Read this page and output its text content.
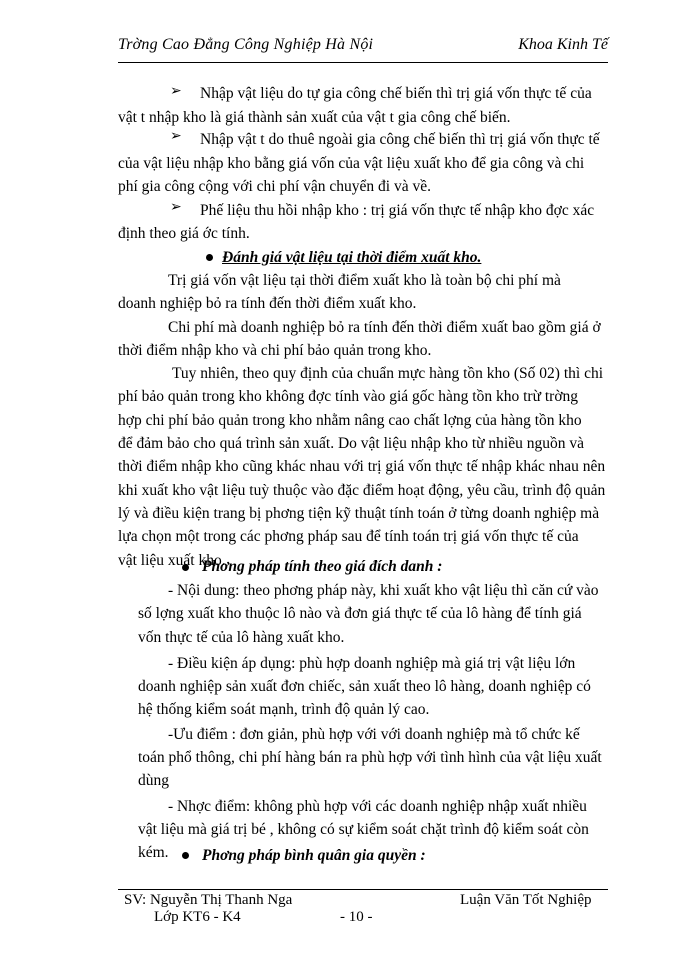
Trờng Cao Đẳng Công Nghiệp Hà Nội	Khoa Kinh Tế
➢
➢
➢
Nhập vật liệu do tự gia công chế biến thì trị giá vốn thực tế của
vật t nhập kho là giá thành sản xuất của vật t gia công chế biến.
Nhập vật t do thuê ngoài gia công chế biến thì trị giá vốn thực tế
của vật liệu nhập kho bằng giá vốn của vật liệu xuất kho để gia công và chi
phí gia công cộng với chi phí vận chuyển đi và về.
Phế liệu thu hồi nhập kho : trị giá vốn thực tế nhập kho đợc xác
định theo giá ớc tính.
Đánh giá vật liệu tại thời điểm xuất kho.
Trị giá vốn vật liệu tại thời điểm xuất kho là toàn bộ chi phí mà
doanh nghiệp bỏ ra tính đến thời điểm xuất kho.
Chi phí mà doanh nghiệp bỏ ra tính đến thời điểm xuất bao gồm giá ở
thời điểm nhập kho và chi phí bảo quản trong kho.
Tuy nhiên, theo quy định của chuẩn mực hàng tồn kho (Số 02) thì chi
phí bảo quản trong kho không đợc tính vào giá gốc hàng tồn kho trừ trờng
hợp chi phí bảo quản trong kho nhằm nâng cao chất lợng của hàng tồn kho
để đảm bảo cho quá trình sản xuất. Do vật liệu nhập kho từ nhiều nguồn và
thời điểm nhập kho cũng khác nhau với trị giá vốn thực tế nhập khác nhau nên
khi xuất kho vật liệu tuỳ thuộc vào đặc điểm hoạt động, yêu cầu, trình độ quản
lý và điều kiện trang bị phơng tiện kỹ thuật tính toán ở từng doanh nghiệp mà
lựa chọn một trong các phơng pháp sau để tính toán trị giá vốn thực tế của
vật liệu xuất kho.
Phơng pháp tính theo giá đích danh :
- Nội dung: theo phơng pháp này, khi xuất kho vật liệu thì căn cứ vào
số lợng xuất kho thuộc lô nào và đơn giá thực tế của lô hàng để tính giá
vốn thực tế của lô hàng xuất kho.
- Điều kiện áp dụng: phù hợp doanh nghiệp mà giá trị vật liệu lớn
doanh nghiệp sản xuất đơn chiếc, sản xuất theo lô hàng, doanh nghiệp có
hệ thống kiểm soát mạnh, trình độ quản lý cao.
-Ưu điểm : đơn giản, phù hợp với với doanh nghiệp mà tổ chức kế
toán phổ thông, chi phí hàng bán ra phù hợp với tình hình của vật liệu xuất
dùng
- Nhợc điểm: không phù hợp với các doanh nghiệp nhập xuất nhiều
vật liệu mà giá trị bé , không có sự kiểm soát chặt trình độ kiểm soát còn
kém. Phơng pháp bình quân gia quyền :
SV: Nguyễn Thị Thanh Nga
Lớp KT6 - K4	- 10 -
Luận Văn Tốt Nghiệp
